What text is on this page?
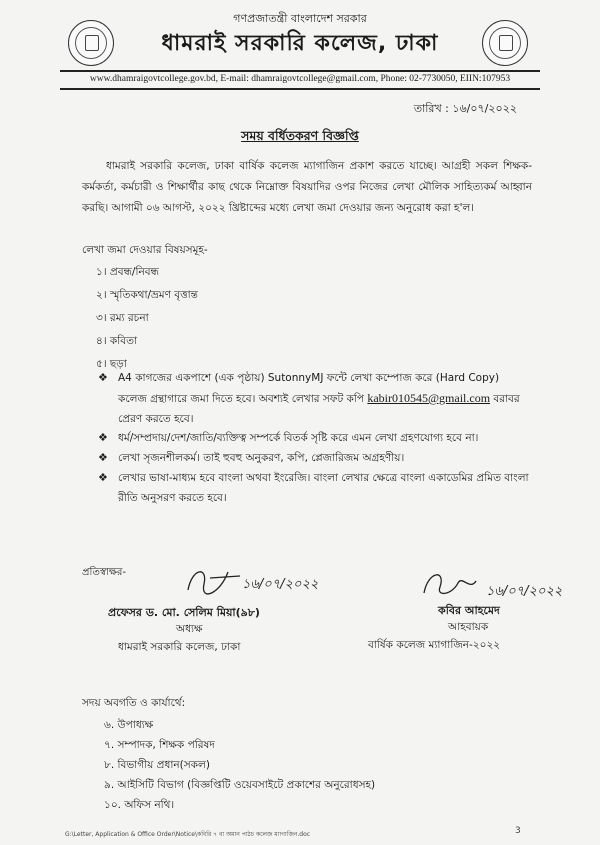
গণপ্রজাতন্ত্রী বাংলাদেশ সরকার
ধামরাই সরকারি কলেজ, ঢাকা
www.dhamraigovtcollege.gov.bd, E-mail: dhamraigovtcollege@gmail.com, Phone: 02-7730050, EIIN:107953
তারিখ : ১৬/০৭/২০২২
সময় বর্ধিতকরণ বিজ্ঞপ্তি
ধামরাই সরকারি কলেজ, ঢাকা বার্ষিক কলেজ ম্যাগাজিন প্রকাশ করতে যাচ্ছে। আগ্রহী সকল শিক্ষক-কর্মকর্তা, কর্মচারী ও শিক্ষার্থীর কাছ থেকে নিম্নোক্ত বিষয়াদির ওপর নিজের লেখা মৌলিক সাহিত্যকর্ম আহ্বান করছি। আগামী ০৬ আগস্ট, ২০২২ খ্রিষ্টাব্দের মধ্যে লেখা জমা দেওয়ার জন্য অনুরোধ করা হ'ল।
লেখা জমা দেওয়ার বিষয়সমূহ-
১। প্রবন্ধ/নিবন্ধ
২। স্মৃতিকথা/ভ্রমণ বৃত্তান্ত
৩। রম্য রচনা
৪। কবিতা
৫। ছড়া
❖ A4 কাগজের একপাশে (এক পৃষ্ঠায়) SutonnyMJ ফন্টে লেখা কম্পোজ করে (Hard Copy)
কলেজ গ্রন্থাগারে জমা দিতে হবে। অবশ্যই লেখার সফট কপি kabir010545@gmail.com বরাবর
প্রেরণ করতে হবে।
❖ ধর্ম/সম্প্রদায়/দেশ/জাতি/ব্যক্তিত্ব সম্পর্কে বিতর্ক সৃষ্টি করে এমন লেখা গ্রহণযোগ্য হবে না।
❖ লেখা সৃজনশীলকর্ম। তাই হুবহু অনুকরণ, কপি, প্লেজারিজম অগ্রহণীয়।
❖ লেখার ভাষা-মাধ্যম হবে বাংলা অথবা ইংরেজি। বাংলা লেখার ক্ষেত্রে বাংলা একাডেমির প্রমিত বাংলা
রীতি অনুসরণ করতে হবে।
প্রতিস্বাক্ষর-
১৬/০৭/২০২২
প্রফেসর ড. মো. সেলিম মিয়া(৯৮)
অধ্যক্ষ
ধামরাই সরকারি কলেজ, ঢাকা
১৬/০৭/২০২২
কবির আহমেদ
আহবায়ক
বার্ষিক কলেজ ম্যাগাজিন-২০২২
সদয় অবগতি ও কার্যার্থে:
৬. উপাধ্যক্ষ
৭. সম্পাদক, শিক্ষক পরিষদ
৮. বিভাগীয় প্রধান(সকল)
৯. আইসিটি বিভাগ (বিজ্ঞপ্তিটি ওয়েবসাইটে প্রকাশের অনুরোধসহ)
১০. অফিস নথি।
G:\Letter, Application & Office Order\Notice\কবিরি ৭ বা অমান পাঠচ কলেজ ম্যাগাজিন.doc	3
